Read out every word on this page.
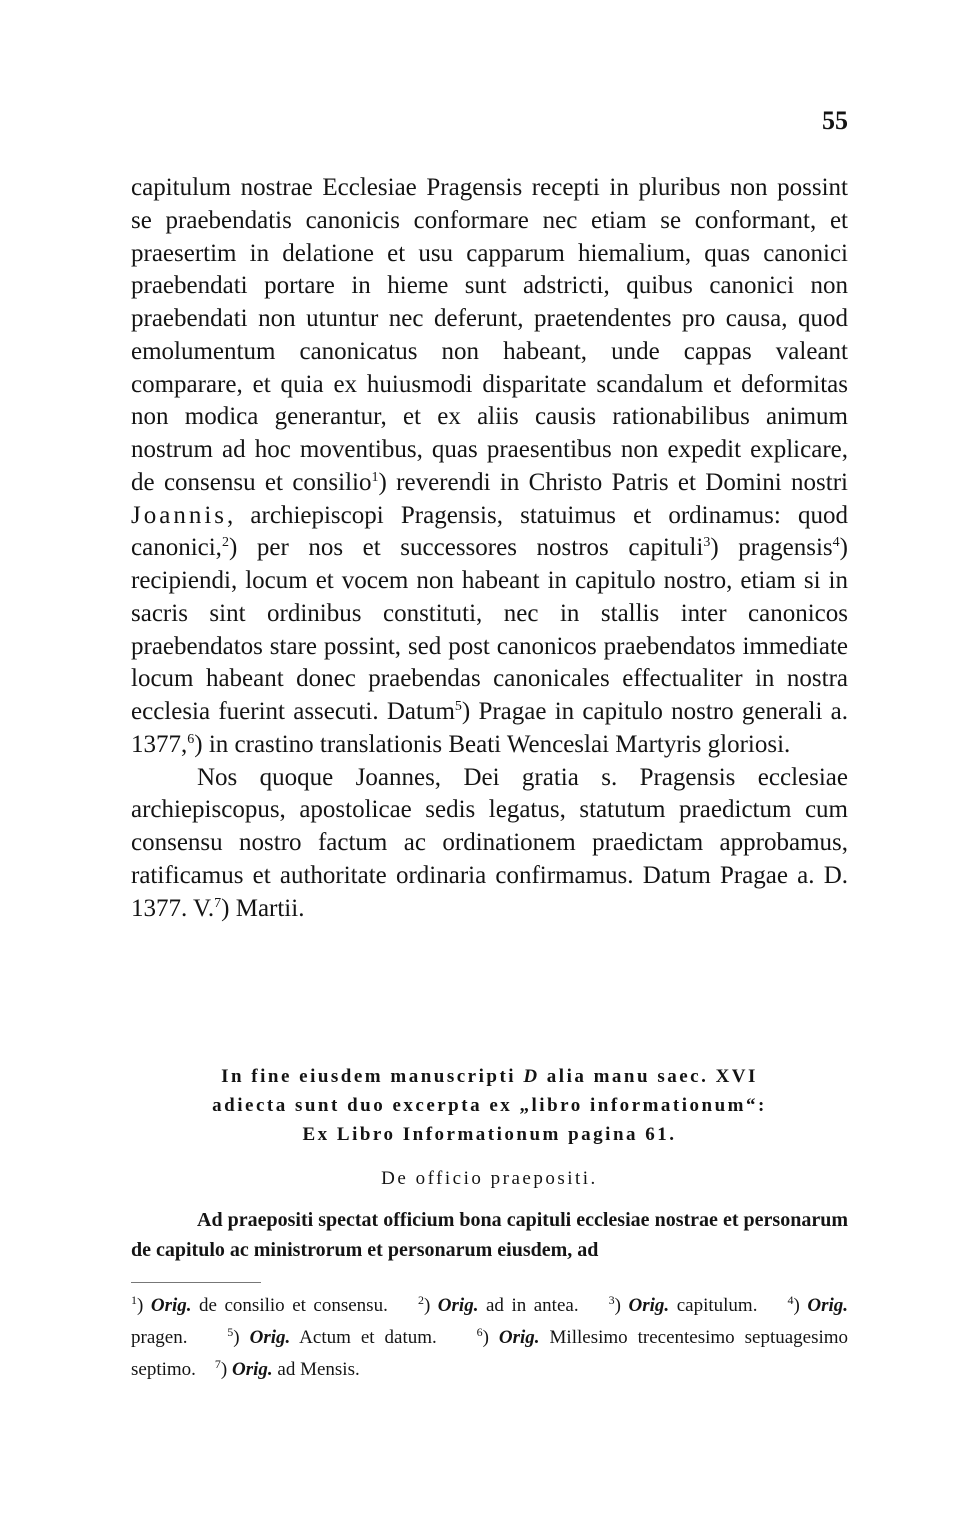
55

capitulum nostrae Ecclesiae Pragensis recepti in pluribus non possint se praebendatis canonicis conformare nec etiam se conformant, et praesertim in delatione et usu capparum hiemalium, quas canonici praebendati portare in hieme sunt adstricti, quibus canonici non praebendati non utuntur nec deferunt, praetendentes pro causa, quod emolumentum canonicatus non habeant, unde cappas valeant comparare, et quia ex huiusmodi disparitate scandalum et deformitas non modica generantur, et ex aliis causis rationabilibus animum nostrum ad hoc moventibus, quas praesentibus non expedit explicare, de consensu et consilio$^1$) reverendi in Christo Patris et Domini nostri Joannis, archiepiscopi Pragensis, statuimus et ordinamus: quod canonici,$^2$) per nos et successores nostros capituli$^3$) pragensis$^4$) recipiendi, locum et vocem non habeant in capitulo nostro, etiam si in sacris sint ordinibus constituti, nec in stallis inter canonicos praebendatos stare possint, sed post canonicos praebendatos immediate locum habeant donec praebendas canonicales effectualiter in nostra ecclesia fuerint assecuti. Datum$^5$) Pragae in capitulo nostro generali a. 1377,$^6$) in crastino translationis Beati Wenceslai Martyris gloriosi.

Nos quoque Joannes, Dei gratia s. Pragensis ecclesiae archiepiscopus, apostolicae sedis legatus, statutum praedictum cum consensu nostro factum ac ordinationem praedictam approbamus, ratificamus et authoritate ordinaria confirmamus. Datum Pragae a. D. 1377. V.$^7$) Martii.

In fine eiusdem manuscripti D alia manu saec. XVI
adiecta sunt duo excerpta ex „libro informationum“:
Ex Libro Informationum pagina 61.
De officio praepositi.
Ad praepositi spectat officium bona capituli ecclesiae nostrae et personarum de capitulo ac ministrorum et personarum eiusdem, ad
$^1$) Orig. de consilio et consensu.	$^2$) Orig. ad in antea.	$^3$) Orig. capitulum.	$^4$) Orig. pragen.	$^5$) Orig. Actum et datum.	$^6$) Orig. Millesimo trecentesimo septuagesimo septimo. $^7$) Orig. ad Mensis.
